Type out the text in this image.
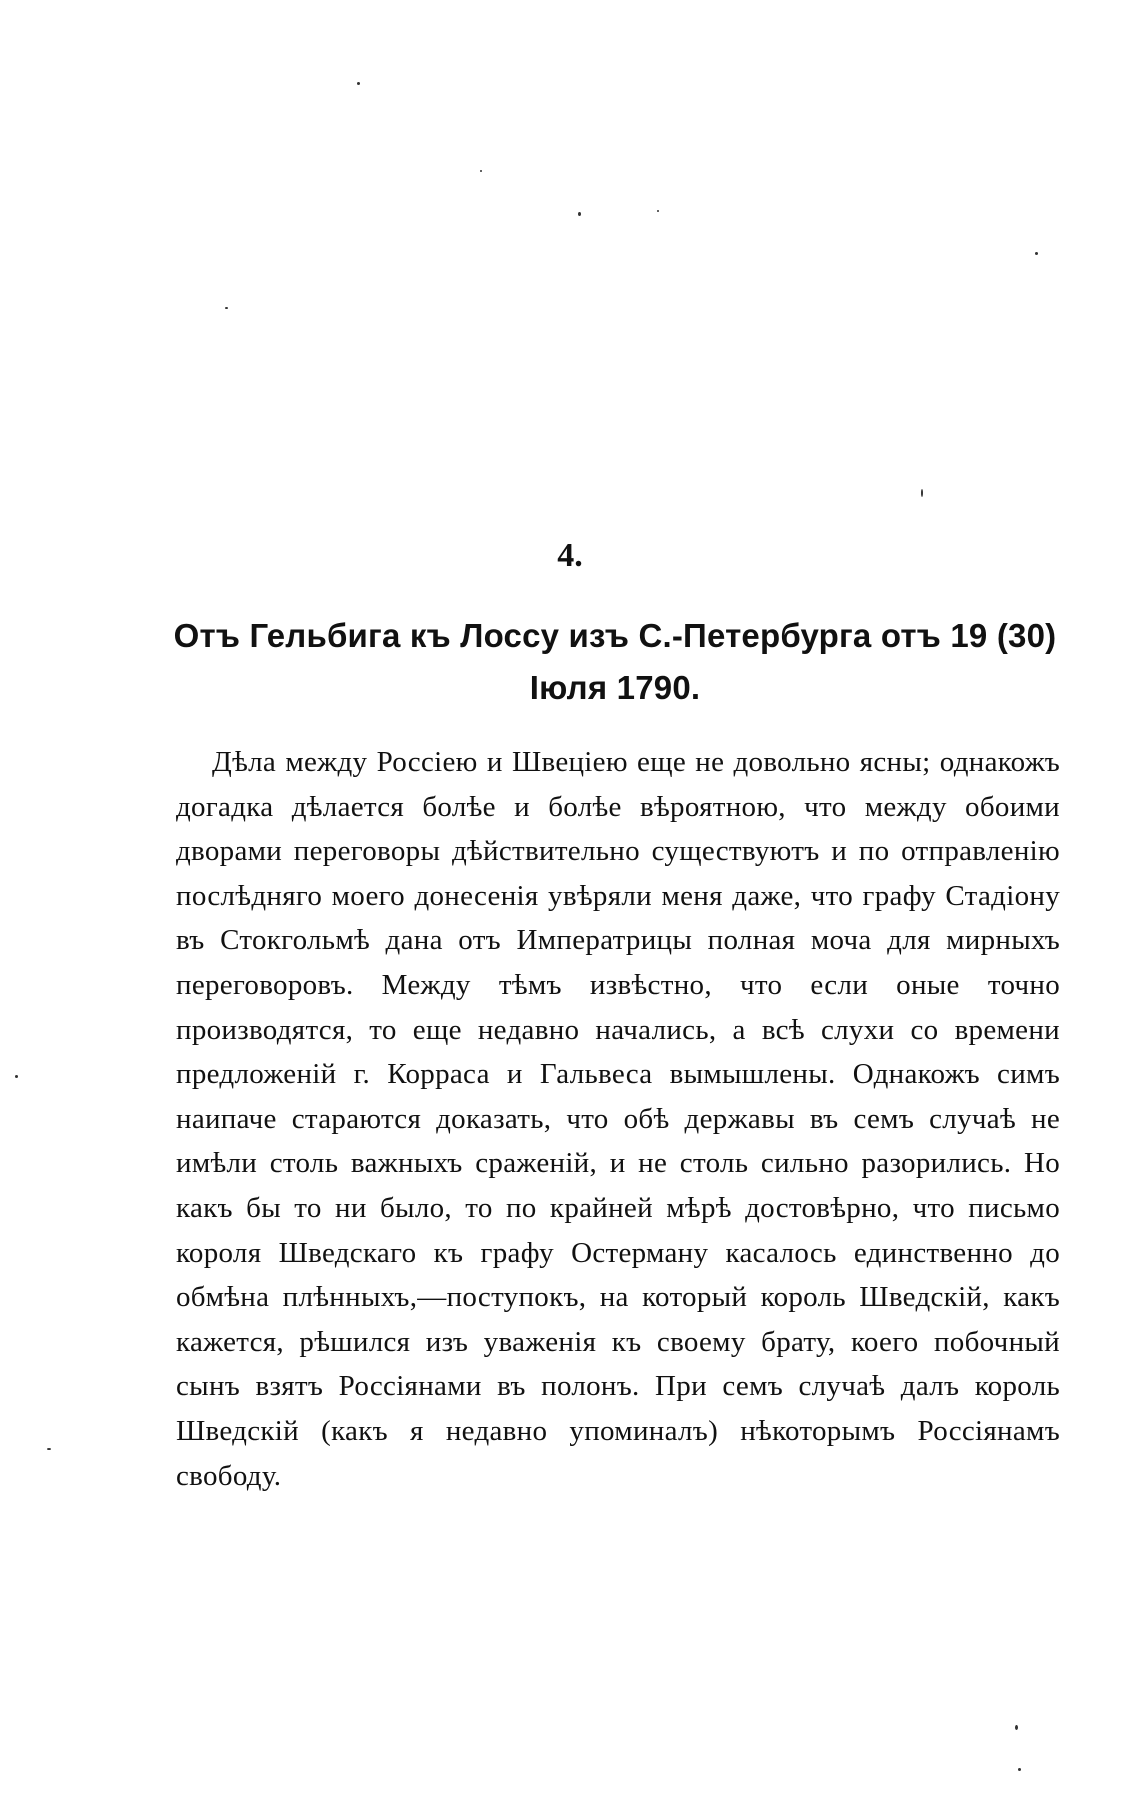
4.
Отъ Гельбига къ Лоссу изъ С.-Петербурга отъ 19 (30) Іюля 1790.
Дѣла между Россіею и Швеціею еще не довольно ясны; однакожъ догадка дѣлается болѣе и болѣе вѣроятною, что между обоими дворами переговоры дѣйствительно существуютъ и по отправленію послѣдняго моего донесенія увѣряли меня даже, что графу Стадіону въ Стокгольмѣ дана отъ Императрицы полная моча для мирныхъ переговоровъ. Между тѣмъ извѣстно, что если оные точно производятся, то еще недавно начались, а всѣ слухи со времени предложеній г. Корраса и Гальвеса вымышлены. Однакожъ симъ наипаче стараются доказать, что обѣ державы въ семъ случаѣ не имѣли столь важныхъ сраженій, и не столь сильно разорились. Но какъ бы то ни было, то по крайней мѣрѣ достовѣрно, что письмо короля Шведскаго къ графу Остерману касалось единственно до обмѣна плѣнныхъ,—поступокъ, на который король Шведскій, какъ кажется, рѣшился изъ уваженія къ своему брату, коего побочный сынъ взятъ Россіянами въ полонъ. При семъ случаѣ далъ король Шведскій (какъ я недавно упоминалъ) нѣкоторымъ Россіянамъ свободу.
